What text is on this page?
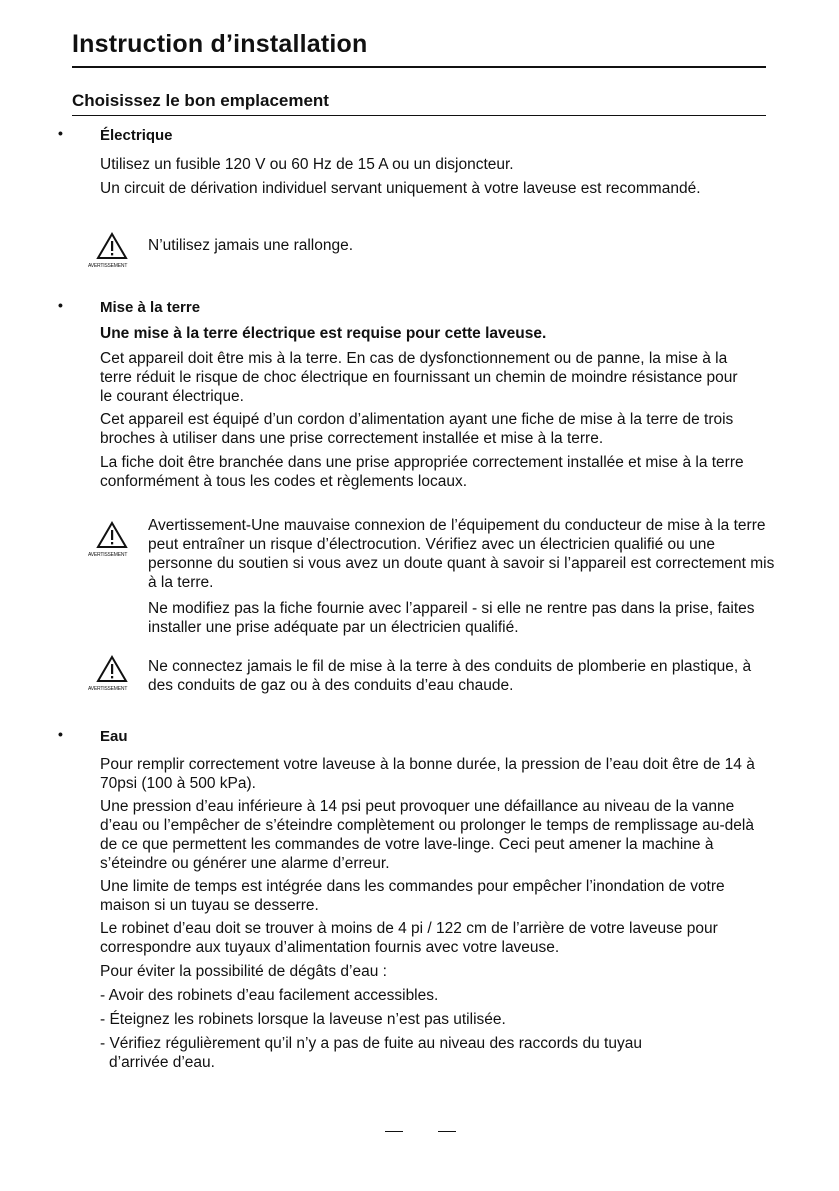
Instruction d’installation
Choisissez le bon emplacement
• Électrique

Utilisez un fusible 120 V ou 60 Hz de 15 A ou un disjoncteur.

Un circuit de dérivation individuel servant uniquement à votre laveuse est recommandé.

AVERTISSEMENT

N’utilisez jamais une rallonge.

• Mise à la terre

Une mise à la terre électrique est requise pour cette laveuse.

Cet appareil doit être mis à la terre. En cas de dysfonctionnement ou de panne, la mise à la terre réduit le risque de choc électrique en fournissant un chemin de moindre résistance pour le courant électrique.

Cet appareil est équipé d’un cordon d’alimentation ayant une fiche de mise à la terre de trois broches à utiliser dans une prise correctement installée et mise à la terre.

La fiche doit être branchée dans une prise appropriée correctement installée et mise à la terre conformément à tous les codes et règlements locaux.

AVERTISSEMENT

Avertissement-Une mauvaise connexion de l’équipement du conducteur de mise à la terre peut entraîner un risque d’électrocution. Vérifiez avec un électricien qualifié ou une personne du soutien si vous avez un doute quant à savoir si l’appareil est correctement mis à la terre.

Ne modifiez pas la fiche fournie avec l’appareil - si elle ne rentre pas dans la prise, faites installer une prise adéquate par un électricien qualifié.

AVERTISSEMENT

Ne connectez jamais le fil de mise à la terre à des conduits de plomberie en plastique, à des conduits de gaz ou à des conduits d’eau chaude.

• Eau

Pour remplir correctement votre laveuse à la bonne durée, la pression de l’eau doit être de 14 à 70psi (100 à 500 kPa).

Une pression d’eau inférieure à 14 psi peut provoquer une défaillance au niveau de la vanne d’eau ou l’empêcher de s’éteindre complètement ou prolonger le temps de remplissage au-delà de ce que permettent les commandes de votre lave-linge. Ceci peut amener la machine à s’éteindre ou générer une alarme d’erreur.

Une limite de temps est intégrée dans les commandes pour empêcher l’inondation de votre maison si un tuyau se desserre.

Le robinet d’eau doit se trouver à moins de 4 pi / 122 cm de l’arrière de votre laveuse pour correspondre aux tuyaux d’alimentation fournis avec votre laveuse.

Pour éviter la possibilité de dégâts d’eau :

- Avoir des robinets d’eau facilement accessibles.

- Éteignez les robinets lorsque la laveuse n’est pas utilisée.

- Vérifiez régulièrement qu’il n’y a pas de fuite au niveau des raccords du tuyau

d’arrivée d’eau.
